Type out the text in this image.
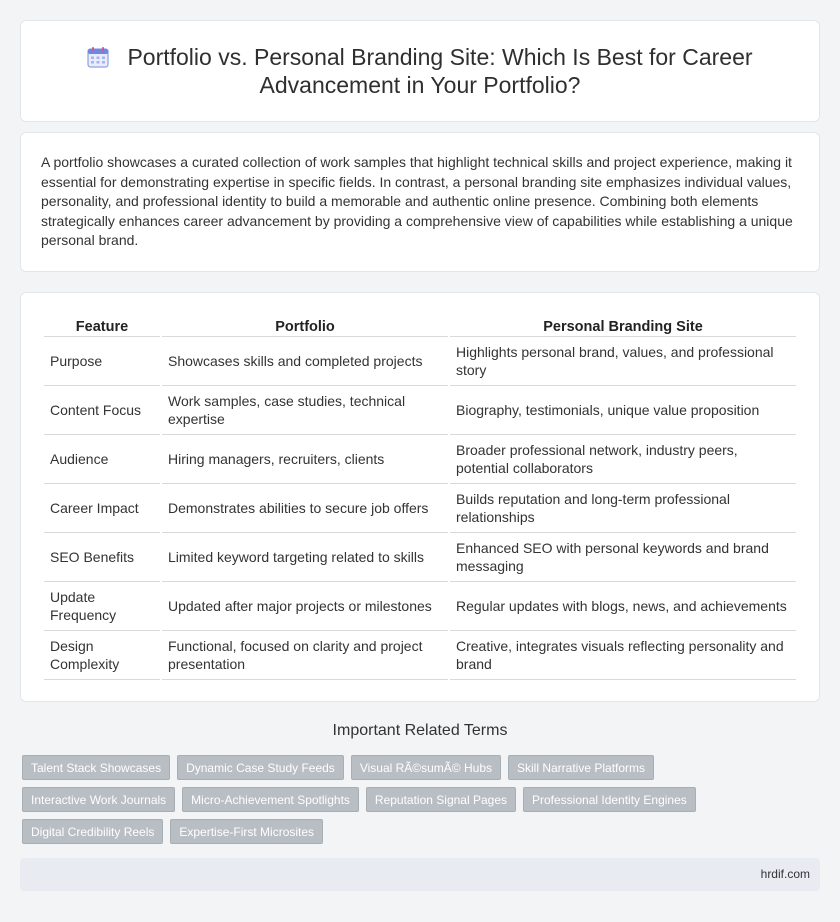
Portfolio vs. Personal Branding Site: Which Is Best for Career Advancement in Your Portfolio?

A portfolio showcases a curated collection of work samples that highlight technical skills and project experience, making it essential for demonstrating expertise in specific fields. In contrast, a personal branding site emphasizes individual values, personality, and professional identity to build a memorable and authentic online presence. Combining both elements strategically enhances career advancement by providing a comprehensive view of capabilities while establishing a unique personal brand.

Feature	Portfolio	Personal Branding Site
Purpose	Showcases skills and completed projects	Highlights personal brand, values, and professional story
Content Focus	Work samples, case studies, technical expertise	Biography, testimonials, unique value proposition
Audience	Hiring managers, recruiters, clients	Broader professional network, industry peers, potential collaborators
Career Impact	Demonstrates abilities to secure job offers	Builds reputation and long-term professional relationships
SEO Benefits	Limited keyword targeting related to skills	Enhanced SEO with personal keywords and brand messaging
Update Frequency	Updated after major projects or milestones	Regular updates with blogs, news, and achievements
Design Complexity	Functional, focused on clarity and project presentation	Creative, integrates visuals reflecting personality and brand
Important Related Terms
Talent Stack Showcases	Dynamic Case Study Feeds	Visual RÃ©sumÃ© Hubs	Skill Narrative Platforms
Interactive Work Journals	Micro-Achievement Spotlights	Reputation Signal Pages	Professional Identity Engines
Digital Credibility Reels	Expertise-First Microsites
hrdif.com
